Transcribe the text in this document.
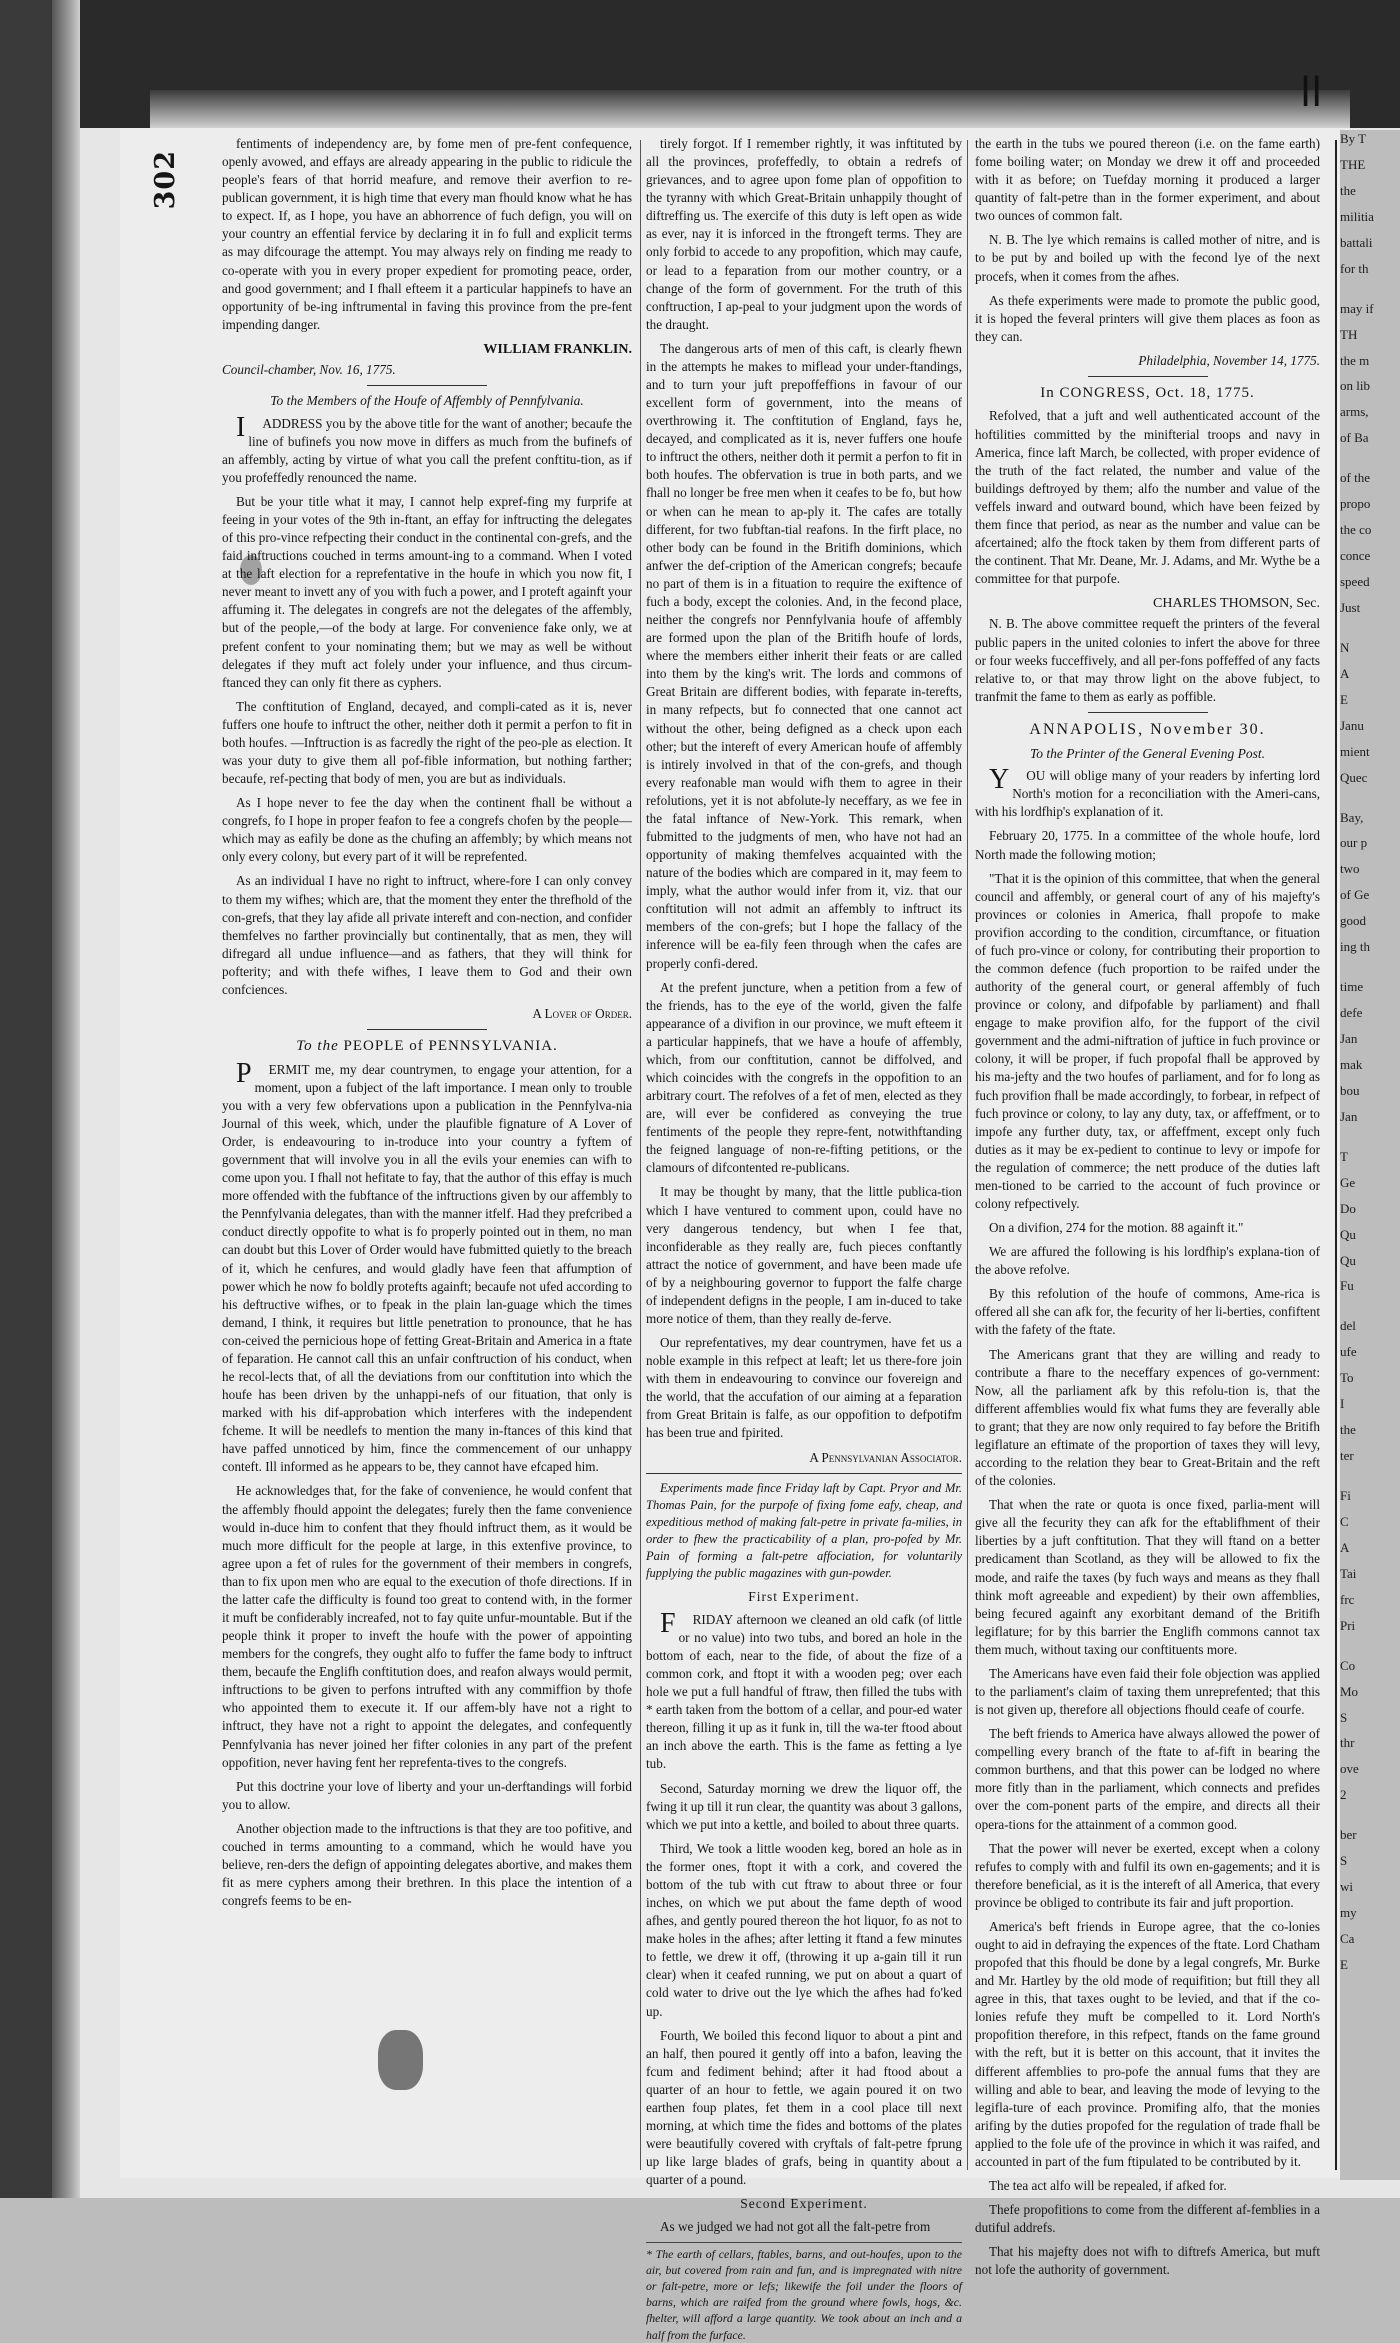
ll
302

fentiments of independency are, by fome men of pre-fent confequence, openly avowed, and effays are already appearing in the public to ridicule the people's fears of that horrid meafure, and remove their averfion to re-publican government, it is high time that every man fhould know what he has to expect. If, as I hope, you have an abhorrence of fuch defign, you will on your country an effential fervice by declaring it in fo full and explicit terms as may difcourage the attempt. You may always rely on finding me ready to co-operate with you in every proper expedient for promoting peace, order, and good government; and I fhall efteem it a particular happinefs to have an opportunity of be-ing inftrumental in faving this province from the pre-fent impending danger.

WILLIAM FRANKLIN.
Council-chamber, Nov. 16, 1775.
To the Members of the Houfe of Affembly of Pennfylvania.

IADDRESS you by the above title for the want of another; becaufe the line of bufinefs you now move in differs as much from the bufinefs of an affembly, acting by virtue of what you call the prefent conftitu-tion, as if you profeffedly renounced the name.

But be your title what it may, I cannot help expref-fing my furprife at feeing in your votes of the 9th in-ftant, an effay for inftructing the delegates of this pro-vince refpecting their conduct in the continental con-grefs, and the faid inftructions couched in terms amount-ing to a command. When I voted at the laft election for a reprefentative in the houfe in which you now fit, I never meant to invett any of you with fuch a power, and I proteft againft your affuming it. The delegates in congrefs are not the delegates of the affembly, but of the people,—of the body at large. For convenience fake only, we at prefent confent to your nominating them; but we may as well be without delegates if they muft act folely under your influence, and thus circum-ftanced they can only fit there as cyphers.

The conftitution of England, decayed, and compli-cated as it is, never fuffers one houfe to inftruct the other, neither doth it permit a perfon to fit in both houfes. —Inftruction is as facredly the right of the peo-ple as election. It was your duty to give them all pof-fible information, but nothing farther; becaufe, ref-pecting that body of men, you are but as individuals.

As I hope never to fee the day when the continent fhall be without a congrefs, fo I hope in proper feafon to fee a congrefs chofen by the people—which may as eafily be done as the chufing an affembly; by which means not only every colony, but every part of it will be reprefented.

As an individual I have no right to inftruct, where-fore I can only convey to them my wifhes; which are, that the moment they enter the threfhold of the con-grefs, that they lay afide all private intereft and con-nection, and confider themfelves no farther provincially but continentally, that as men, they will difregard all undue influence—and as fathers, that they will think for pofterity; and with thefe wifhes, I leave them to God and their own confciences.

A Lover of Order.
To the PEOPLE of PENNSYLVANIA.

PERMIT me, my dear countrymen, to engage your attention, for a moment, upon a fubject of the laft importance. I mean only to trouble you with a very few obfervations upon a publication in the Pennfylva-nia Journal of this week, which, under the plaufible fignature of A Lover of Order, is endeavouring to in-troduce into your country a fyftem of government that will involve you in all the evils your enemies can wifh to come upon you. I fhall not hefitate to fay, that the author of this effay is much more offended with the fubftance of the inftructions given by our affembly to the Pennfylvania delegates, than with the manner itfelf. Had they prefcribed a conduct directly oppofite to what is fo properly pointed out in them, no man can doubt but this Lover of Order would have fubmitted quietly to the breach of it, which he cenfures, and would gladly have feen that affumption of power which he now fo boldly protefts againft; becaufe not ufed according to his deftructive wifhes, or to fpeak in the plain lan-guage which the times demand, I think, it requires but little penetration to pronounce, that he has con-ceived the pernicious hope of fetting Great-Britain and America in a ftate of feparation. He cannot call this an unfair conftruction of his conduct, when he recol-lects that, of all the deviations from our conftitution into which the houfe has been driven by the unhappi-nefs of our fituation, that only is marked with his dif-approbation which interferes with the independent fcheme. It will be needlefs to mention the many in-ftances of this kind that have paffed unnoticed by him, fince the commencement of our unhappy conteft. Ill informed as he appears to be, they cannot have efcaped him.

He acknowledges that, for the fake of convenience, he would confent that the affembly fhould appoint the delegates; furely then the fame convenience would in-duce him to confent that they fhould inftruct them, as it would be much more difficult for the people at large, in this extenfive province, to agree upon a fet of rules for the government of their members in congrefs, than to fix upon men who are equal to the execution of thofe directions. If in the latter cafe the difficulty is found too great to contend with, in the former it muft be confiderably increafed, not to fay quite unfur-mountable. But if the people think it proper to inveft the houfe with the power of appointing members for the congrefs, they ought alfo to fuffer the fame body to inftruct them, becaufe the Englifh conftitution does, and reafon always would permit, inftructions to be given to perfons intrufted with any commiffion by thofe who appointed them to execute it. If our affem-bly have not a right to inftruct, they have not a right to appoint the delegates, and confequently Pennfylvania has never joined her fifter colonies in any part of the prefent oppofition, never having fent her reprefenta-tives to the congrefs.

Put this doctrine your love of liberty and your un-derftandings will forbid you to allow.

Another objection made to the inftructions is that they are too pofitive, and couched in terms amounting to a command, which he would have you believe, ren-ders the defign of appointing delegates abortive, and makes them fit as mere cyphers among their brethren. In this place the intention of a congrefs feems to be en-

tirely forgot. If I remember rightly, it was inftituted by all the provinces, profeffedly, to obtain a redrefs of grievances, and to agree upon fome plan of oppofition to the tyranny with which Great-Britain unhappily thought of diftreffing us. The exercife of this duty is left open as wide as ever, nay it is inforced in the ftrongeft terms. They are only forbid to accede to any propofition, which may caufe, or lead to a feparation from our mother country, or a change of the form of government. For the truth of this conftruction, I ap-peal to your judgment upon the words of the draught.

The dangerous arts of men of this caft, is clearly fhewn in the attempts he makes to miflead your under-ftandings, and to turn your juft prepoffeffions in favour of our excellent form of government, into the means of overthrowing it. The conftitution of England, fays he, decayed, and complicated as it is, never fuffers one houfe to inftruct the others, neither doth it permit a perfon to fit in both houfes. The obfervation is true in both parts, and we fhall no longer be free men when it ceafes to be fo, but how or when can he mean to ap-ply it. The cafes are totally different, for two fubftan-tial reafons. In the firft place, no other body can be found in the Britifh dominions, which anfwer the def-cription of the American congrefs; becaufe no part of them is in a fituation to require the exiftence of fuch a body, except the colonies. And, in the fecond place, neither the congrefs nor Pennfylvania houfe of affembly are formed upon the plan of the Britifh houfe of lords, where the members either inherit their feats or are called into them by the king's writ. The lords and commons of Great Britain are different bodies, with feparate in-terefts, in many refpects, but fo connected that one cannot act without the other, being defigned as a check upon each other; but the intereft of every American houfe of affembly is intirely involved in that of the con-grefs, and though every reafonable man would wifh them to agree in their refolutions, yet it is not abfolute-ly neceffary, as we fee in the fatal inftance of New-York. This remark, when fubmitted to the judgments of men, who have not had an opportunity of making themfelves acquainted with the nature of the bodies which are compared in it, may feem to imply, what the author would infer from it, viz. that our conftitution will not admit an affembly to inftruct its members of the con-grefs; but I hope the fallacy of the inference will be ea-fily feen through when the cafes are properly confi-dered.

At the prefent juncture, when a petition from a few of the friends, has to the eye of the world, given the falfe appearance of a divifion in our province, we muft efteem it a particular happinefs, that we have a houfe of affembly, which, from our conftitution, cannot be diffolved, and which coincides with the congrefs in the oppofition to an arbitrary court. The refolves of a fet of men, elected as they are, will ever be confidered as conveying the true fentiments of the people they repre-fent, notwithftanding the feigned language of non-re-fifting petitions, or the clamours of difcontented re-publicans.

It may be thought by many, that the little publica-tion which I have ventured to comment upon, could have no very dangerous tendency, but when I fee that, inconfiderable as they really are, fuch pieces conftantly attract the notice of government, and have been made ufe of by a neighbouring governor to fupport the falfe charge of independent defigns in the people, I am in-duced to take more notice of them, than they really de-ferve.

Our reprefentatives, my dear countrymen, have fet us a noble example in this refpect at leaft; let us there-fore join with them in endeavouring to convince our fovereign and the world, that the accufation of our aiming at a feparation from Great Britain is falfe, as our oppofition to defpotifm has been true and fpirited.

A Pennsylvanian Associator.

Experiments made fince Friday laft by Capt. Pryor and Mr. Thomas Pain, for the purpofe of fixing fome eafy, cheap, and expeditious method of making falt-petre in private fa-milies, in order to fhew the practicability of a plan, pro-pofed by Mr. Pain of forming a falt-petre affociation, for voluntarily fupplying the public magazines with gun-powder.

First Experiment.

FRIDAY afternoon we cleaned an old cafk (of little or no value) into two tubs, and bored an hole in the bottom of each, near to the fide, of about the fize of a common cork, and ftopt it with a wooden peg; over each hole we put a full handful of ftraw, then filled the tubs with * earth taken from the bottom of a cellar, and pour-ed water thereon, filling it up as it funk in, till the wa-ter ftood about an inch above the earth. This is the fame as fetting a lye tub.

Second, Saturday morning we drew the liquor off, the fwing it up till it run clear, the quantity was about 3 gallons, which we put into a kettle, and boiled to about three quarts.

Third, We took a little wooden keg, bored an hole as in the former ones, ftopt it with a cork, and covered the bottom of the tub with cut ftraw to about three or four inches, on which we put about the fame depth of wood afhes, and gently poured thereon the hot liquor, fo as not to make holes in the afhes; after letting it ftand a few minutes to fettle, we drew it off, (throwing it up a-gain till it run clear) when it ceafed running, we put on about a quart of cold water to drive out the lye which the afhes had fo'ked up.

Fourth, We boiled this fecond liquor to about a pint and an half, then poured it gently off into a bafon, leaving the fcum and fediment behind; after it had ftood about a quarter of an hour to fettle, we again poured it on two earthen foup plates, fet them in a cool place till next morning, at which time the fides and bottoms of the plates were beautifully covered with cryftals of falt-petre fprung up like large blades of grafs, being in quantity about a quarter of a pound.

Second Experiment.

As we judged we had not got all the falt-petre from

* The earth of cellars, ftables, barns, and out-houfes, upon to the air, but covered from rain and fun, and is impregnated with nitre or falt-petre, more or lefs; likewife the foil under the floors of barns, which are raifed from the ground where fowls, hogs, &c. fhelter, will afford a large quantity. We took about an inch and a half from the furface.

the earth in the tubs we poured thereon (i.e. on the fame earth) fome boiling water; on Monday we drew it off and proceeded with it as before; on Tuefday morning it produced a larger quantity of falt-petre than in the former experiment, and about two ounces of common falt.

N. B. The lye which remains is called mother of nitre, and is to be put by and boiled up with the fecond lye of the next procefs, when it comes from the afhes.

As thefe experiments were made to promote the public good, it is hoped the feveral printers will give them places as foon as they can.

Philadelphia, November 14, 1775.
In CONGRESS, Oct. 18, 1775.

Refolved, that a juft and well authenticated account of the hoftilities committed by the minifterial troops and navy in America, fince laft March, be collected, with proper evidence of the truth of the fact related, the number and value of the buildings deftroyed by them; alfo the number and value of the veffels inward and outward bound, which have been feized by them fince that period, as near as the number and value can be afcertained; alfo the ftock taken by them from different parts of the continent. That Mr. Deane, Mr. J. Adams, and Mr. Wythe be a committee for that purpofe.

CHARLES THOMSON, Sec.

N. B. The above committee requeft the printers of the feveral public papers in the united colonies to infert the above for three or four weeks fucceffively, and all per-fons poffeffed of any facts relative to, or that may throw light on the above fubject, to tranfmit the fame to them as early as poffible.

ANNAPOLIS, November 30.
To the Printer of the General Evening Post.

YOU will oblige many of your readers by inferting lord North's motion for a reconciliation with the Ameri-cans, with his lordfhip's explanation of it.

February 20, 1775. In a committee of the whole houfe, lord North made the following motion;

"That it is the opinion of this committee, that when the general council and affembly, or general court of any of his majefty's provinces or colonies in America, fhall propofe to make provifion according to the condition, circumftance, or fituation of fuch pro-vince or colony, for contributing their proportion to the common defence (fuch proportion to be raifed under the authority of the general court, or general affembly of fuch province or colony, and difpofable by parliament) and fhall engage to make provifion alfo, for the fupport of the civil government and the admi-niftration of juftice in fuch province or colony, it will be proper, if fuch propofal fhall be approved by his ma-jefty and the two houfes of parliament, and for fo long as fuch provifion fhall be made accordingly, to forbear, in refpect of fuch province or colony, to lay any duty, tax, or affeffment, or to impofe any further duty, tax, or affeffment, except only fuch duties as it may be ex-pedient to continue to levy or impofe for the regulation of commerce; the nett produce of the duties laft men-tioned to be carried to the account of fuch province or colony refpectively.

On a divifion, 274 for the motion. 88 againft it."

We are affured the following is his lordfhip's explana-tion of the above refolve.

By this refolution of the houfe of commons, Ame-rica is offered all she can afk for, the fecurity of her li-berties, confiftent with the fafety of the ftate.

The Americans grant that they are willing and ready to contribute a fhare to the neceffary expences of go-vernment: Now, all the parliament afk by this refolu-tion is, that the different affemblies would fix what fums they are feverally able to grant; that they are now only required to fay before the Britifh legiflature an eftimate of the proportion of taxes they will levy, according to the relation they bear to Great-Britain and the reft of the colonies.

That when the rate or quota is once fixed, parlia-ment will give all the fecurity they can afk for the eftablifhment of their liberties by a juft conftitution. That they will ftand on a better predicament than Scotland, as they will be allowed to fix the mode, and raife the taxes (by fuch ways and means as they fhall think moft agreeable and expedient) by their own affemblies, being fecured againft any exorbitant demand of the Britifh legiflature; for by this barrier the Englifh commons cannot tax them much, without taxing our conftituents more.

The Americans have even faid their fole objection was applied to the parliament's claim of taxing them unreprefented; that this is not given up, therefore all objections fhould ceafe of courfe.

The beft friends to America have always allowed the power of compelling every branch of the ftate to af-fift in bearing the common burthens, and that this power can be lodged no where more fitly than in the parliament, which connects and prefides over the com-ponent parts of the empire, and directs all their opera-tions for the attainment of a common good.

That the power will never be exerted, except when a colony refufes to comply with and fulfil its own en-gagements; and it is therefore beneficial, as it is the intereft of all America, that every province be obliged to contribute its fair and juft proportion.

America's beft friends in Europe agree, that the co-lonies ought to aid in defraying the expences of the ftate. Lord Chatham propofed that this fhould be done by a legal congrefs, Mr. Burke and Mr. Hartley by the old mode of requifition; but ftill they all agree in this, that taxes ought to be levied, and that if the co-lonies refufe they muft be compelled to it. Lord North's propofition therefore, in this refpect, ftands on the fame ground with the reft, but it is better on this account, that it invites the different affemblies to pro-pofe the annual fums that they are willing and able to bear, and leaving the mode of levying to the legifla-ture of each province. Promifing alfo, that the monies arifing by the duties propofed for the regulation of trade fhall be applied to the fole ufe of the province in which it was raifed, and accounted in part of the fum ftipulated to be contributed by it.

The tea act alfo will be repealed, if afked for.

Thefe propofitions to come from the different af-femblies in a dutiful addrefs.

That his majefty does not wifh to diftrefs America, but muft not lofe the authority of government.

By T
THE
the
militia
battali
for th
may if
TH
the m
on lib
arms,
of Ba
of the
propo
the co
conce
speed
Just
N
A
E
Janu
mient
Quec
Bay,
our p
two
of Ge
good
ing th
time
defe
Jan
mak
bou
Jan
T
Ge
Do
Qu
Qu
Fu
del
ufe
To
I
the
ter
Fi
C
A
Tai
frc
Pri
Co
Mo
S
thr
ove
2
ber
S
wi
my
Ca
E
